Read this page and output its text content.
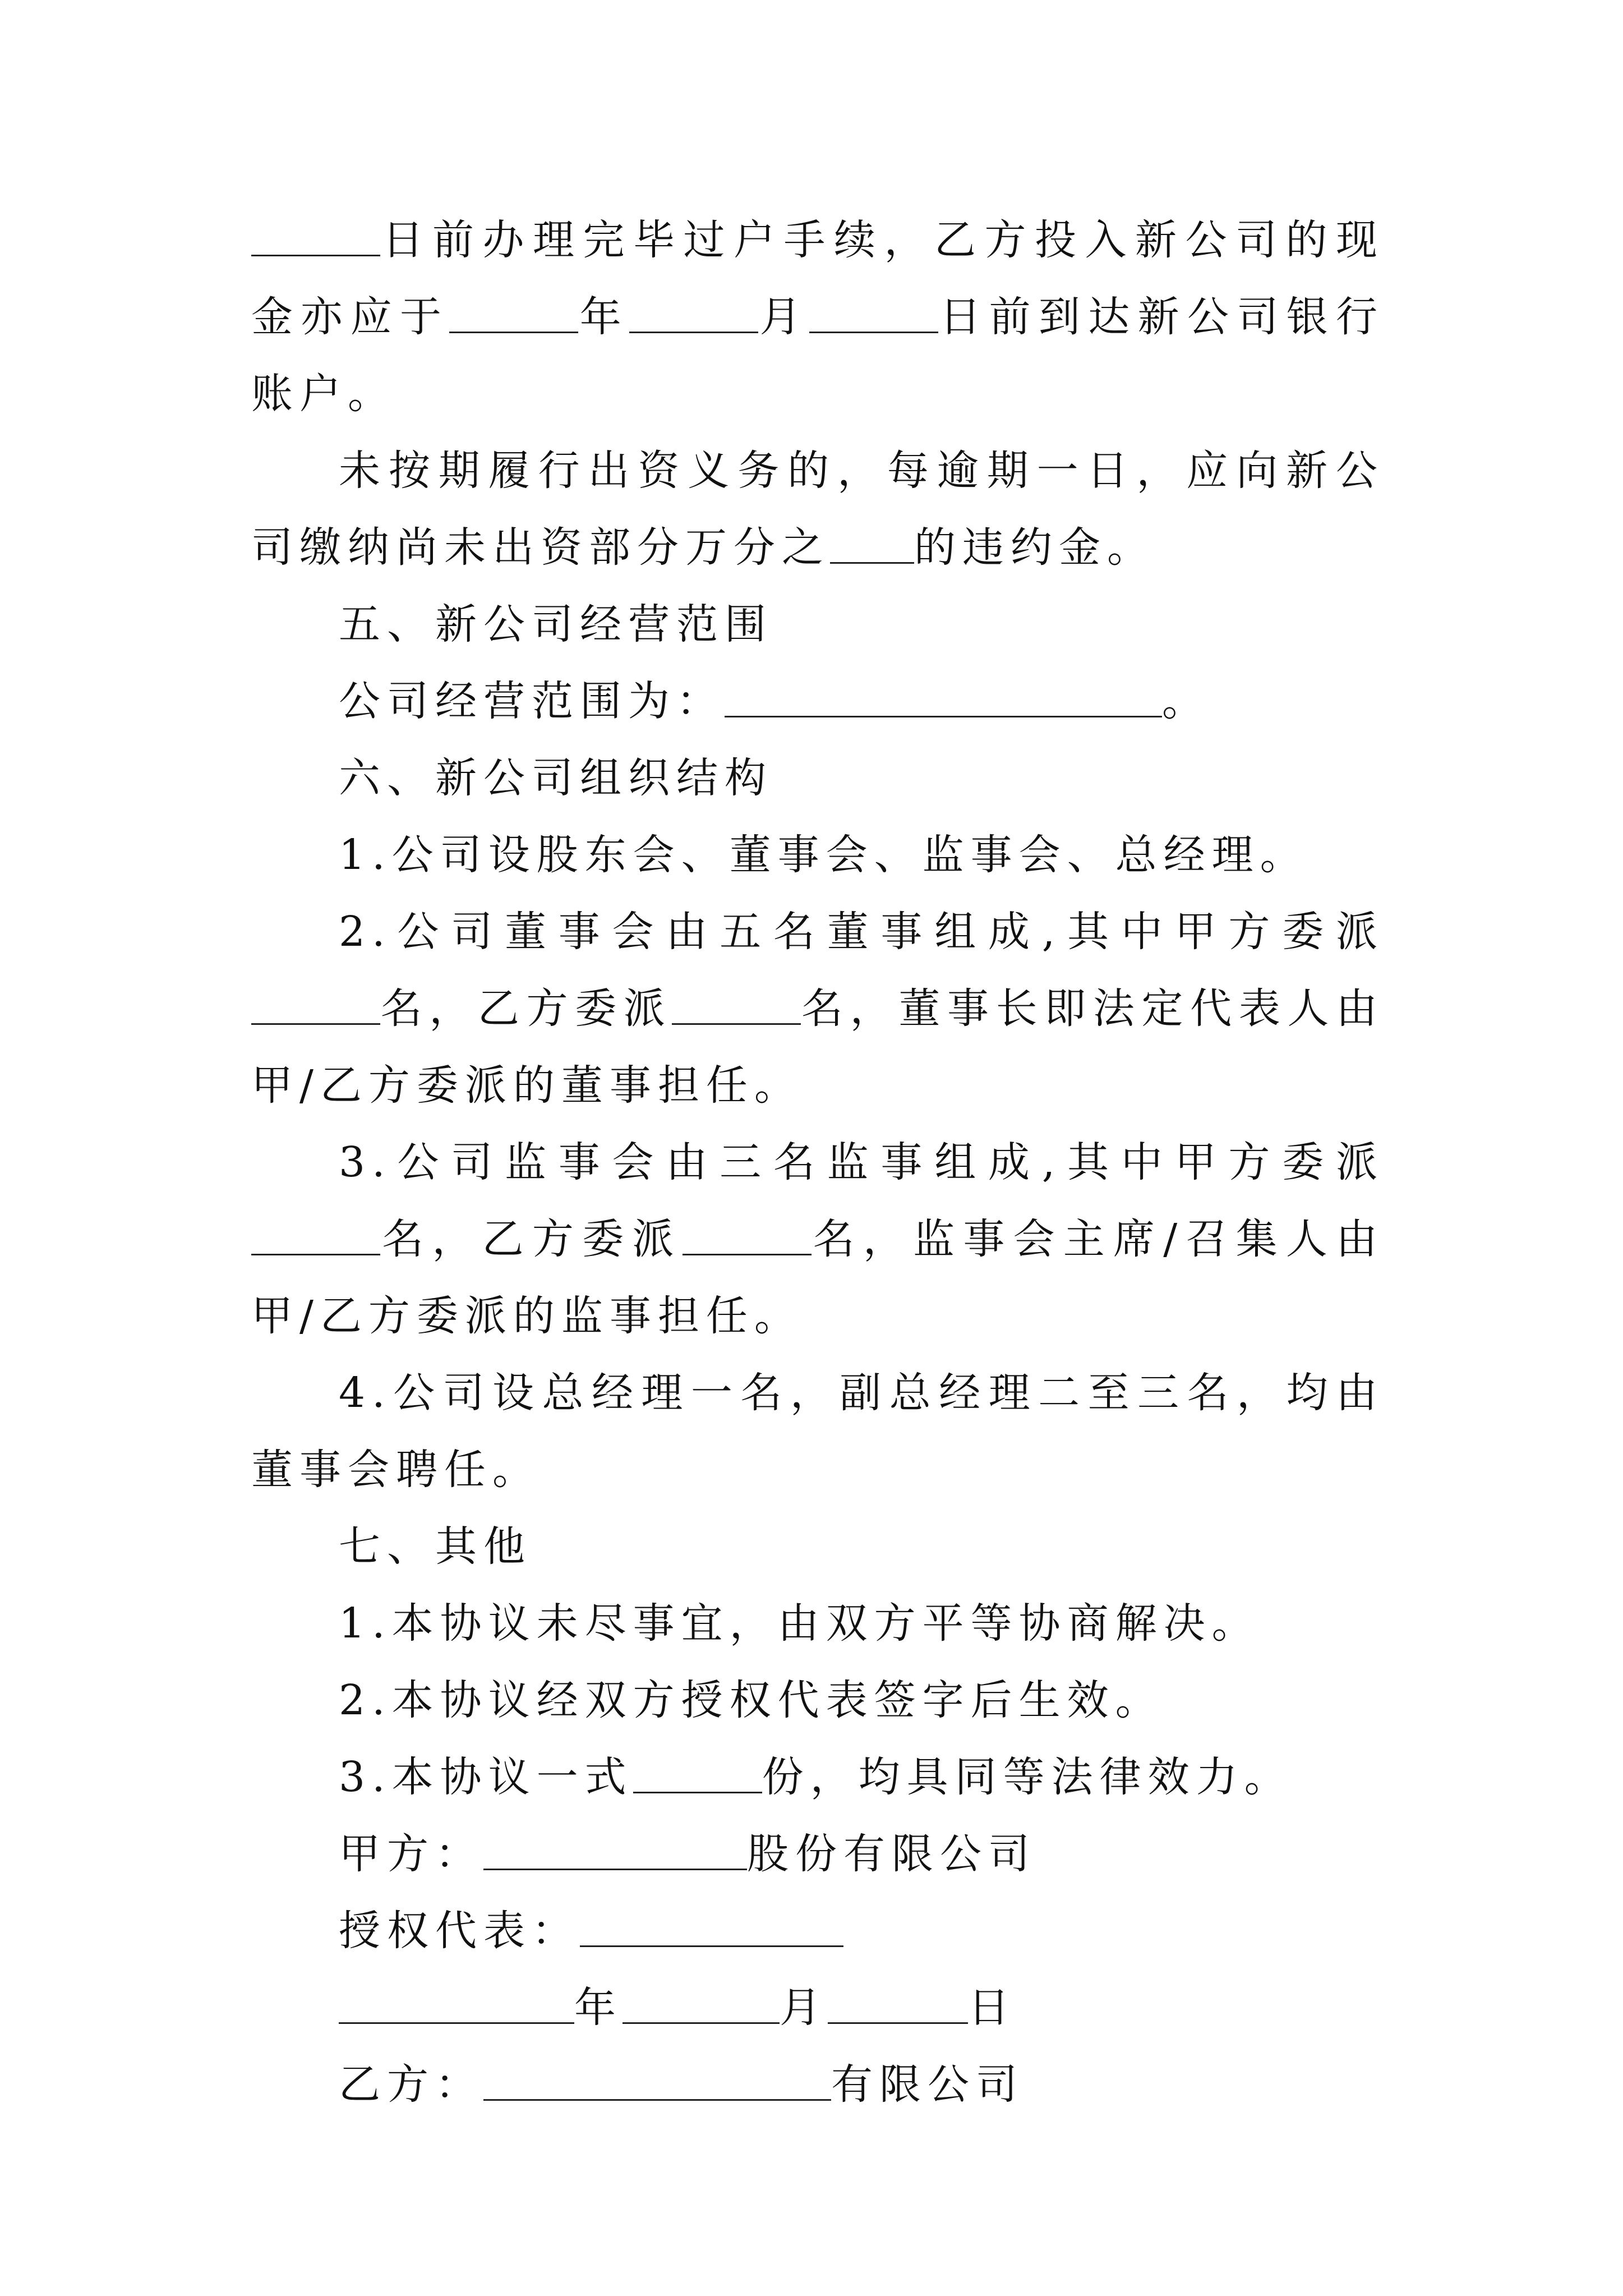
日前办理完毕过户手续，乙方投入新公司的现金亦应于	年	月	日前到达新公司银行账户。

未按期履行出资义务的，每逾期一日，应向新公司缴纳尚未出资部分万分之 的违约金。

五、新公司经营范围

公司经营范围为：	。

六、新公司组织结构

1.公司设股东会、董事会、监事会、总经理。

2.公司董事会由五名董事组成,其中甲方委派名，乙方委派	名，董事长即法定代表人由甲/乙方委派的董事担任。

3.公司监事会由三名监事组成,其中甲方委派名，乙方委派	名，监事会主席/召集人由甲/乙方委派的监事担任。

4.公司设总经理一名，副总经理二至三名，均由董事会聘任。

七、其他

1.本协议未尽事宜，由双方平等协商解决。

2.本协议经双方授权代表签字后生效。

3.本协议一式	份，均具同等法律效力。

甲方：	股份有限公司

授权代表：

年	月	日

乙方：	有限公司
